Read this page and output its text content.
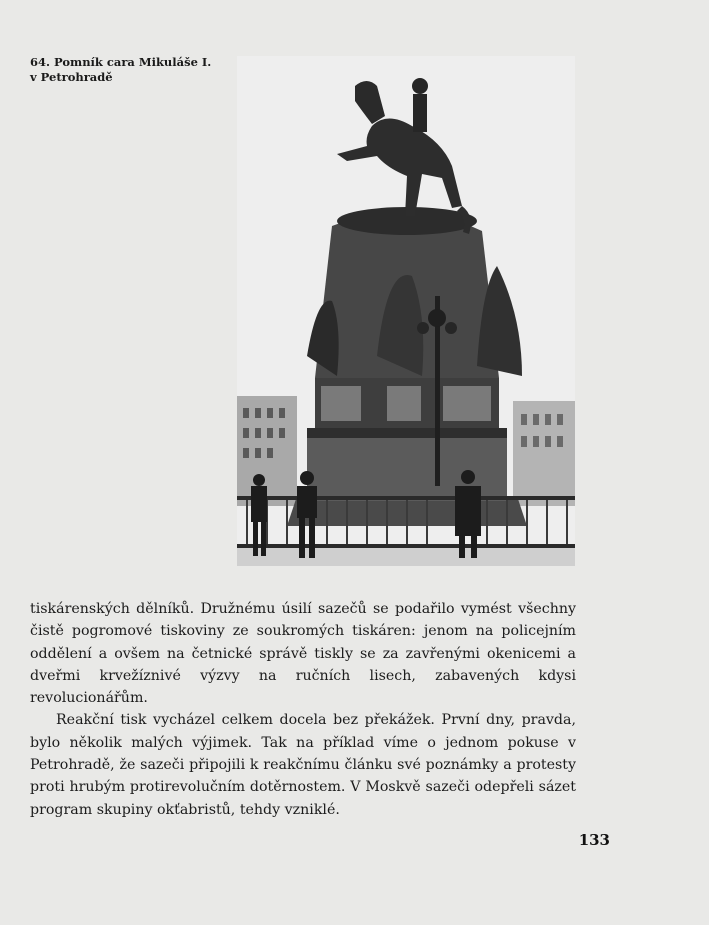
64. Pomník cara Mikuláše I.
v Petrohradě

tiskárenských dělníků. Družnému úsilí sazečů se podařilo vymést všechny čistě pogromové tiskoviny ze soukromých tiskáren: jenom na policejním oddělení a ovšem na četnické správě tiskly se za zavřenými okenicemi a dveřmi krvežíznivé výzvy na ručních lisech, zabavených kdysi revolucionářům.

Reakční tisk vycházel celkem docela bez překážek. První dny, pravda, bylo několik malých výjimek. Tak na příklad víme o jednom pokuse v Petrohradě, že sazeči připojili k reakčnímu článku své poznámky a protesty proti hrubým protirevolučním dotěrnostem. V Moskvě sazeči odepřeli sázet program skupiny okťabristů, tehdy vzniklé.

133
